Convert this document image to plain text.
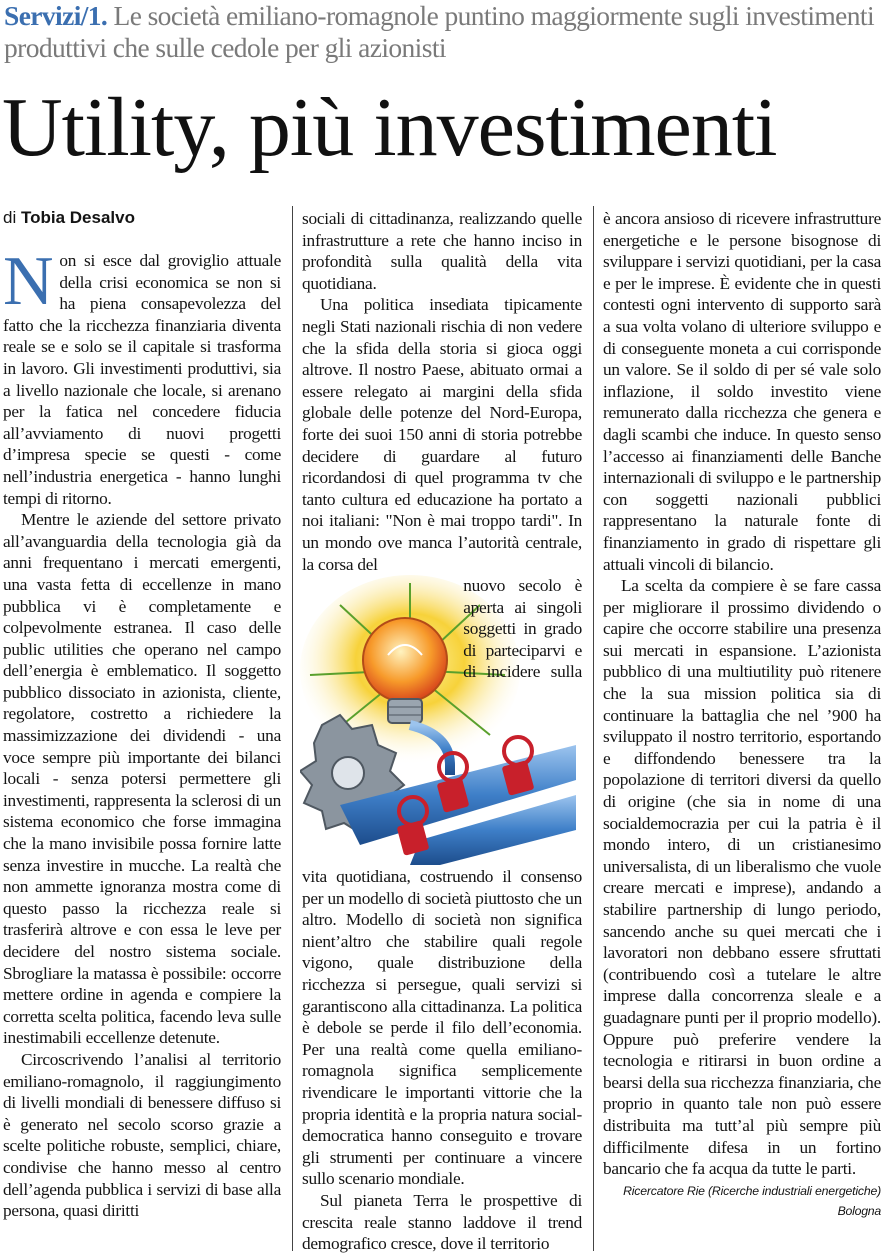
Servizi/1. Le società emiliano-romagnole puntino maggiormente sugli investimenti produttivi che sulle cedole per gli azionisti

Utility, più investimenti

di Tobia Desalvo

Non si esce dal groviglio attuale della crisi economica se non si ha piena consapevolezza del fatto che la ricchezza finanziaria diventa reale se e solo se il capitale si trasforma in lavoro. Gli investimenti produttivi, sia a livello nazionale che locale, si arenano per la fatica nel concedere fiducia all’avviamento di nuovi progetti d’impresa specie se questi - come nell’industria energetica - hanno lunghi tempi di ritorno.

Mentre le aziende del settore privato all’avanguardia della tecnologia già da anni frequentano i mercati emergenti, una vasta fetta di eccellenze in mano pubblica vi è completamente e colpevolmente estranea. Il caso delle public utilities che operano nel campo dell’energia è emblematico. Il soggetto pubblico dissociato in azionista, cliente, regolatore, costretto a richiedere la massimizzazione dei dividendi - una voce sempre più importante dei bilanci locali - senza potersi permettere gli investimenti, rappresenta la sclerosi di un sistema economico che forse immagina che la mano invisibile possa fornire latte senza investire in mucche. La realtà che non ammette ignoranza mostra come di questo passo la ricchezza reale si trasferirà altrove e con essa le leve per decidere del nostro sistema sociale. Sbrogliare la matassa è possibile: occorre mettere ordine in agenda e compiere la corretta scelta politica, facendo leva sulle inestimabili eccellenze detenute.

Circoscrivendo l’analisi al territorio emiliano-romagnolo, il raggiungimento di livelli mondiali di benessere diffuso si è generato nel secolo scorso grazie a scelte politiche robuste, semplici, chiare, condivise che hanno messo al centro dell’agenda pubblica i servizi di base alla persona, quasi diritti

sociali di cittadinanza, realizzando quelle infrastrutture a rete che hanno inciso in profondità sulla qualità della vita quotidiana.

Una politica insediata tipicamente negli Stati nazionali rischia di non vedere che la sfida della storia si gioca oggi altrove. Il nostro Paese, abituato ormai a essere relegato ai margini della sfida globale delle potenze del Nord-Europa, forte dei suoi 150 anni di storia potrebbe decidere di guardare al futuro ricordandosi di quel programma tv che tanto cultura ed educazione ha portato a noi italiani: "Non è mai troppo tardi". In un mondo ove manca l’autorità centrale, la corsa del

nuovo secolo è aperta ai singoli soggetti in grado di parteciparvi e di incidere sulla vita quotidiana, costruendo il consenso per un modello di società piuttosto che un altro. Modello di società non significa nient’altro che stabilire quali regole vigono, quale distribuzione della ricchezza si persegue, quali servizi si garantiscono alla cittadinanza. La politica è debole se perde il filo dell’economia. Per una realtà come quella emiliano-romagnola significa semplicemente rivendicare le importanti vittorie che la propria identità e la propria natura social-democratica hanno conseguito e trovare gli strumenti per continuare a vincere sullo scenario mondiale.

Sul pianeta Terra le prospettive di crescita reale stanno laddove il trend demografico cresce, dove il territorio

è ancora ansioso di ricevere infrastrutture energetiche e le persone bisognose di sviluppare i servizi quotidiani, per la casa e per le imprese. È evidente che in questi contesti ogni intervento di supporto sarà a sua volta volano di ulteriore sviluppo e di conseguente moneta a cui corrisponde un valore. Se il soldo di per sé vale solo inflazione, il soldo investito viene remunerato dalla ricchezza che genera e dagli scambi che induce. In questo senso l’accesso ai finanziamenti delle Banche internazionali di sviluppo e le partnership con soggetti nazionali pubblici rappresentano la naturale fonte di finanziamento in grado di rispettare gli attuali vincoli di bilancio.

La scelta da compiere è se fare cassa per migliorare il prossimo dividendo o capire che occorre stabilire una presenza sui mercati in espansione. L’azionista pubblico di una multiutility può ritenere che la sua mission politica sia di continuare la battaglia che nel ’900 ha sviluppato il nostro territorio, esportando e diffondendo benessere tra la popolazione di territori diversi da quello di origine (che sia in nome di una socialdemocrazia per cui la patria è il mondo intero, di un cristianesimo universalista, di un liberalismo che vuole creare mercati e imprese), andando a stabilire partnership di lungo periodo, sancendo anche su quei mercati che i lavoratori non debbano essere sfruttati (contribuendo così a tutelare le altre imprese dalla concorrenza sleale e a guadagnare punti per il proprio modello). Oppure può preferire vendere la tecnologia e ritirarsi in buon ordine a bearsi della sua ricchezza finanziaria, che proprio in quanto tale non può essere distribuita ma tutt’al più sempre più difficilmente difesa in un fortino bancario che fa acqua da tutte le parti.

Ricercatore Rie (Ricerche industriali energetiche)

Bologna
